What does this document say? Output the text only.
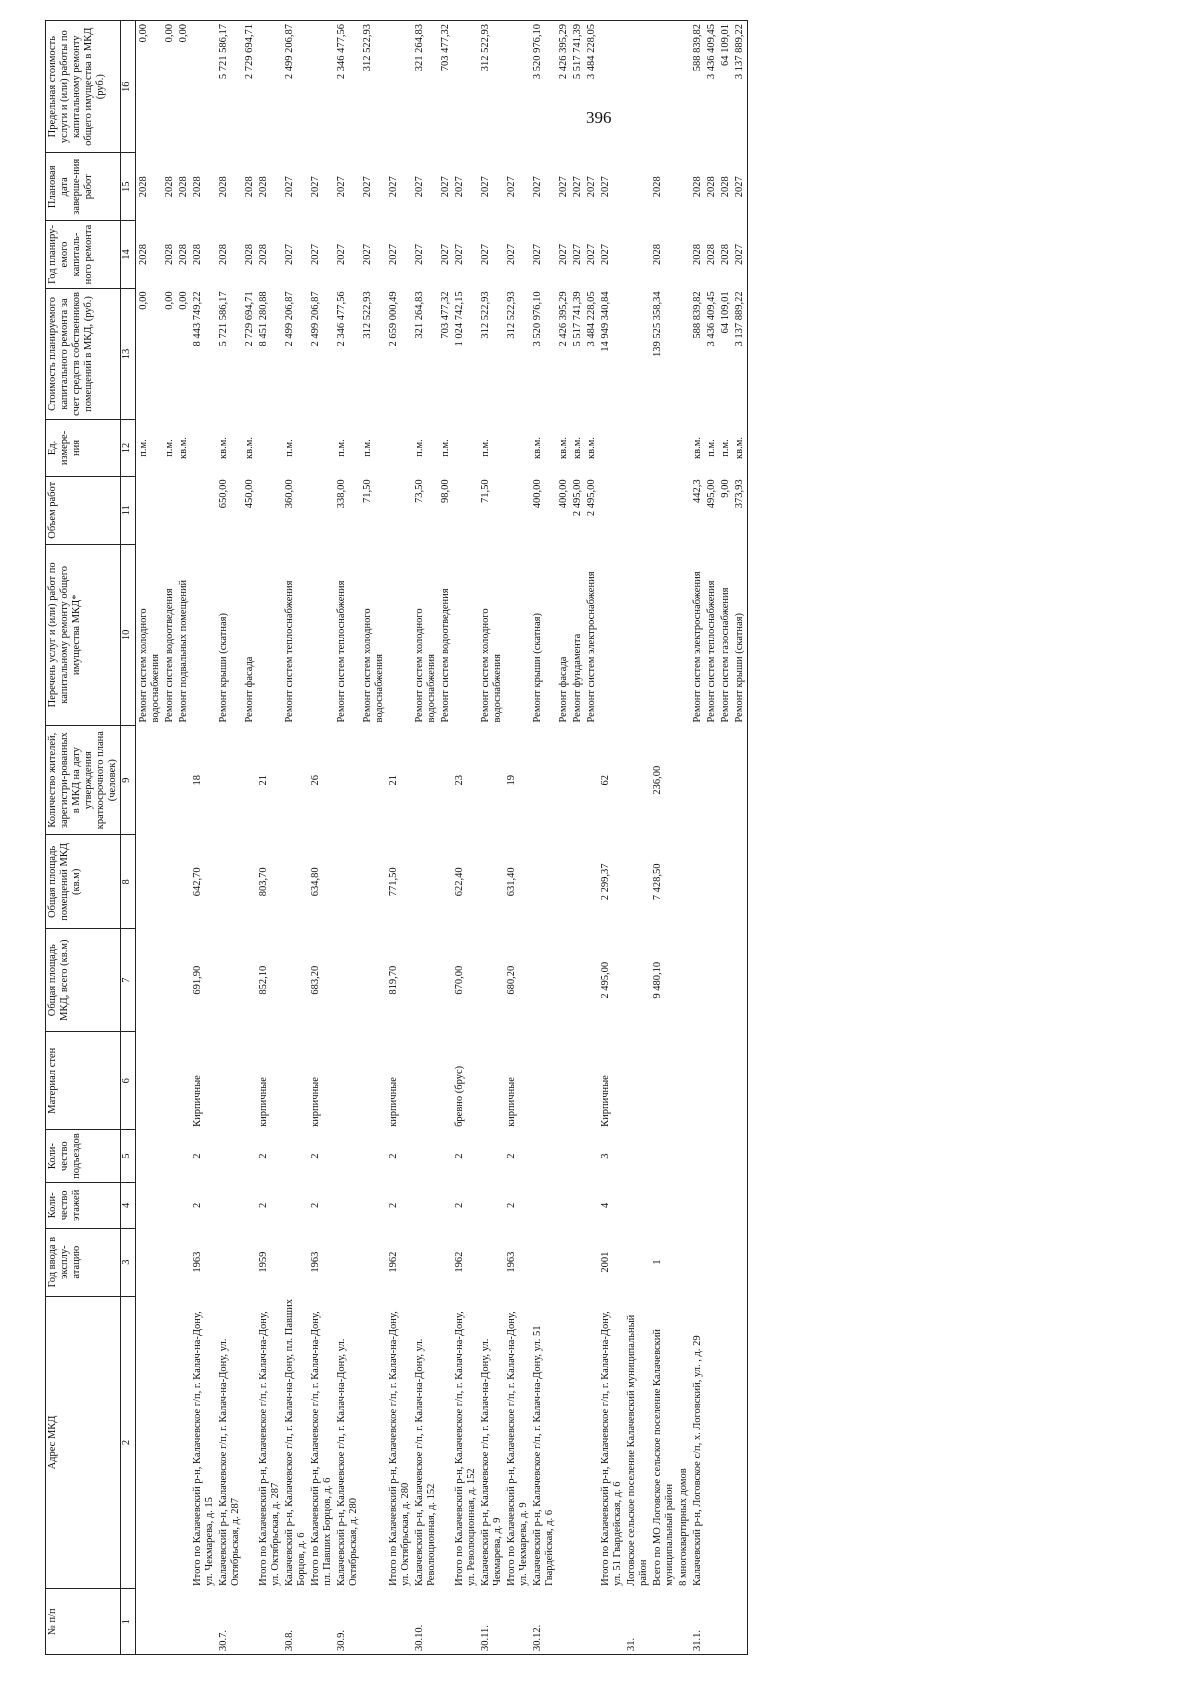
396
№ п/п	Адрес МКД	Год ввода в эксплу-атацию	Коли-чество этажей	Коли-чество подъездов	Материал стен	Общая площадь МКД, всего (кв.м)	Общая площадь помещений МКД (кв.м)	Количество жителей, зарегистри-рованных в МКД на дату утверждения краткосрочного плана (человек)	Перечень услуг и (или) работ по капитальному ремонту общего имущества МКД*	Объем работ	Ед. измере-ния	Стоимость планируемого капитального ремонта за счет средств собственников помещений в МКД, (руб.)	Год планиру-емого капиталь-ного ремонта	Плановая дата заверше-ния работ	Предельная стоимость услуги и (или) работы по капитальному ремонту общего имущества в МКД (руб.)
1	2	3	4	5	6	7	8	9	10	11	12	13	14	15	16
									Ремонт систем холодного водоснабжения		п.м.	0,00	2028	2028	0,00
									Ремонт систем водоотведения		п.м.	0,00	2028	2028	0,00
									Ремонт подвальных помещений		кв.м.	0,00	2028	2028	0,00
	Итого по Калачевский р-н, Калачевское г/п, г. Калач-на-Дону, ул. Чекмарева, д. 15	1963	2	2	Кирпичные	691,90	642,70	18				8 443 749,22	2028	2028	
30.7.	Калачевский р-н, Калачевское г/п, г. Калач-на-Дону, ул. Октябрьская, д. 287								Ремонт крыши (скатная)	650,00	кв.м.	5 721 586,17	2028	2028	5 721 586,17
									Ремонт фасада	450,00	кв.м.	2 729 694,71	2028	2028	2 729 694,71
	Итого по Калачевский р-н, Калачевское г/п, г. Калач-на-Дону, ул. Октябрьская, д. 287	1959	2	2	кирпичные	852,10	803,70	21				8 451 280,88	2028	2028	
30.8.	Калачевский р-н, Калачевское г/п, г. Калач-на-Дону, пл. Павших Борцов, д. 6								Ремонт систем теплоснабжения	360,00	п.м.	2 499 206,87	2027	2027	2 499 206,87
	Итого по Калачевский р-н, Калачевское г/п, г. Калач-на-Дону, пл. Павших Борцов, д. 6	1963	2	2	кирпичные	683,20	634,80	26				2 499 206,87	2027	2027	
30.9.	Калачевский р-н, Калачевское г/п, г. Калач-на-Дону, ул. Октябрьская, д. 280								Ремонт систем теплоснабжения	338,00	п.м.	2 346 477,56	2027	2027	2 346 477,56
									Ремонт систем холодного водоснабжения	71,50	п.м.	312 522,93	2027	2027	312 522,93
	Итого по Калачевский р-н, Калачевское г/п, г. Калач-на-Дону, ул. Октябрьская, д. 280	1962	2	2	кирпичные	819,70	771,50	21				2 659 000,49	2027	2027	
30.10.	Калачевский р-н, Калачевское г/п, г. Калач-на-Дону, ул. Революционная, д. 152								Ремонт систем холодного водоснабжения	73,50	п.м.	321 264,83	2027	2027	321 264,83
									Ремонт систем водоотведения	98,00	п.м.	703 477,32	2027	2027	703 477,32
	Итого по Калачевский р-н, Калачевское г/п, г. Калач-на-Дону, ул. Революционная, д. 152	1962	2	2	бревно (брус)	670,00	622,40	23				1 024 742,15	2027	2027	
30.11.	Калачевский р-н, Калачевское г/п, г. Калач-на-Дону, ул. Чекмарева, д. 9								Ремонт систем холодного водоснабжения	71,50	п.м.	312 522,93	2027	2027	312 522,93
	Итого по Калачевский р-н, Калачевское г/п, г. Калач-на-Дону, ул. Чекмарева, д. 9	1963	2	2	кирпичные	680,20	631,40	19				312 522,93	2027	2027	
30.12.	Калачевский р-н, Калачевское г/п, г. Калач-на-Дону, ул. 51 Гвардейская, д. 6								Ремонт крыши (скатная)	400,00	кв.м.	3 520 976,10	2027	2027	3 520 976,10
									Ремонт фасада	400,00	кв.м.	2 426 395,29	2027	2027	2 426 395,29
									Ремонт фундамента	2 495,00	кв.м.	5 517 741,39	2027	2027	5 517 741,39
									Ремонт систем электроснабжения	2 495,00	кв.м.	3 484 228,05	2027	2027	3 484 228,05
	Итого по Калачевский р-н, Калачевское г/п, г. Калач-на-Дону, ул. 51 Гвардейская, д. 6	2001	4	3	Кирпичные	2 495,00	2 299,37	62				14 949 340,84	2027	2027	
31.	Логовское сельское поселение Калачевский муниципальный район														
	Всего по МО Логовское сельское поселение Калачевский муниципальный район	1				9 480,10	7 428,50	236,00				139 525 358,34	2028	2028	
	8 многоквартирных домов														
31.1.	Калачевский р-н, Логовское с/п, х. Логовский, ул. , д. 29								Ремонт систем электроснабжения	442,3	кв.м.	588 839,82	2028	2028	588 839,82
									Ремонт систем теплоснабжения	495,00	п.м.	3 436 409,45	2028	2028	3 436 409,45
									Ремонт систем газоснабжения	9,00	п.м.	64 109,01	2028	2028	64 109,01
									Ремонт крыши (скатная)	373,93	кв.м.	3 137 889,22	2027	2027	3 137 889,22
